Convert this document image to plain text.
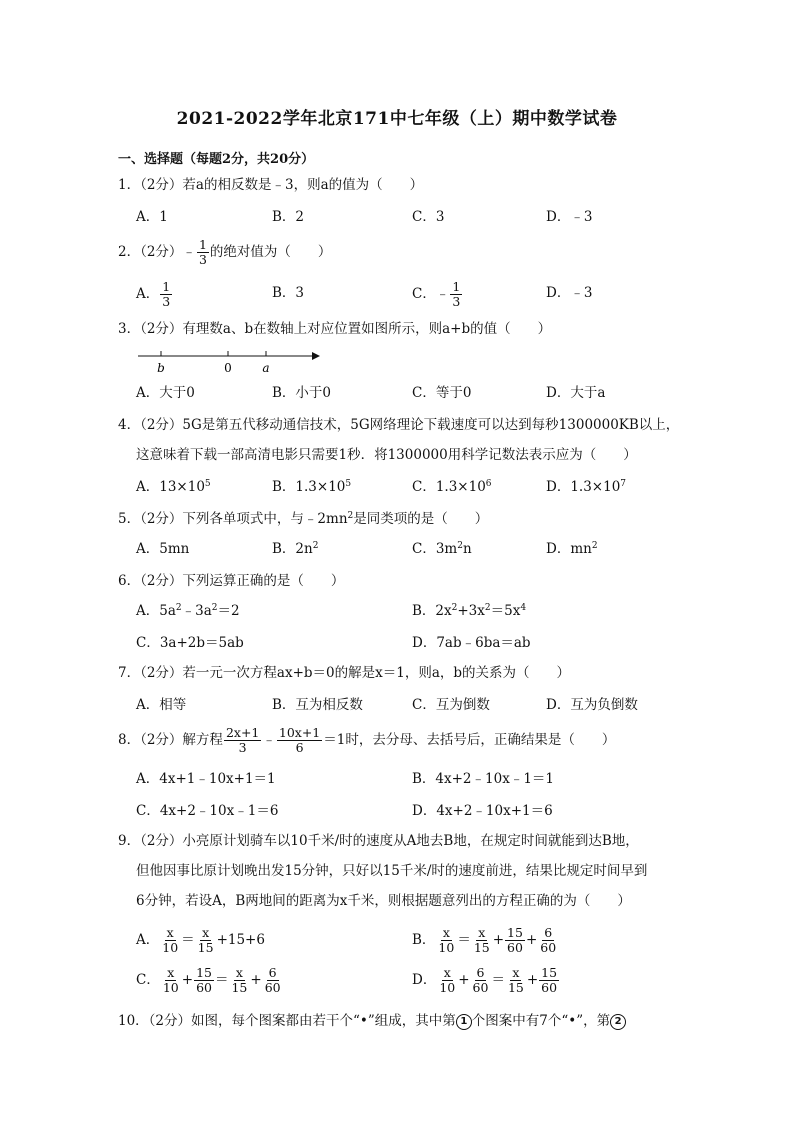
2021-2022学年北京171中七年级（上）期中数学试卷
一、选择题（每题2分，共20分）
1．（2分）若a的相反数是﹣3，则a的值为（　　）
A．1	B．2	C．3	D．﹣3
2．（2分）﹣ $\frac{1}{3}$ 的绝对值为（　　）
A． $\frac{1}{3}$	B．3	C．﹣ $\frac{1}{3}$	D．﹣3
3．（2分）有理数a、b在数轴上对应位置如图所示，则a+b的值（　　）
b	0	a
A．大于0	B．小于0	C．等于0	D．大于a
4．（2分）5G是第五代移动通信技术，5G网络理论下载速度可以达到每秒1300000KB以上，
这意味着下载一部高清电影只需要1秒．将1300000用科学记数法表示应为（　　）
A．$13\times 10^5$	B．$1.3\times 10^5$	C．$1.3\times 10^6$	D．$1.3\times 10^7$
5．（2分）下列各单项式中，与$﹣2mn^2$是同类项的是（　　）
A．5mn	B．$2n^2$	C．$3m^2n$	D．$mn^2$
6．（2分）下列运算正确的是（　　）
A．$5a^2﹣3a^2=2$	B．$2x^2+3x^2=5x^4$
C．3a+2b＝5ab	D．7ab﹣6ba＝ab
7．（2分）若一元一次方程ax+b＝0的解是x＝1，则a，b的关系为（　　）
A．相等	B．互为相反数	C．互为倒数	D．互为负倒数
8．（2分）解方程 $\frac{2x+1}{3}$ ﹣ $\frac{10x+1}{6} =1$时，去分母、去括号后，正确结果是（　　）
A．4x+1﹣10x+1＝1	B．4x+2﹣10x﹣1＝1
C．4x+2﹣10x﹣1＝6	D．4x+2﹣10x+1＝6
9．（2分）小亮原计划骑车以10千米/时的速度从A地去B地，在规定时间就能到达B地，
但他因事比原计划晚出发15分钟，只好以15千米/时的速度前进，结果比规定时间早到
6分钟，若设A，B两地间的距离为x千米，则根据题意列出的方程正确的为（　　）
A． $\frac{x}{10} = \frac{x}{15} +15+6$	B． $\frac{x}{10} = \frac{x}{15} + \frac{15}{60} + \frac{6}{60}$
C． $\frac{x}{10} + \frac{15}{60} = \frac{x}{15} + \frac{6}{60}$	D． $\frac{x}{10} + \frac{6}{60} = \frac{x}{15} + \frac{15}{60}$
10．（2分）如图，每个图案都由若干个“•”组成，其中第 1 个图案中有7个“•”，第 2
